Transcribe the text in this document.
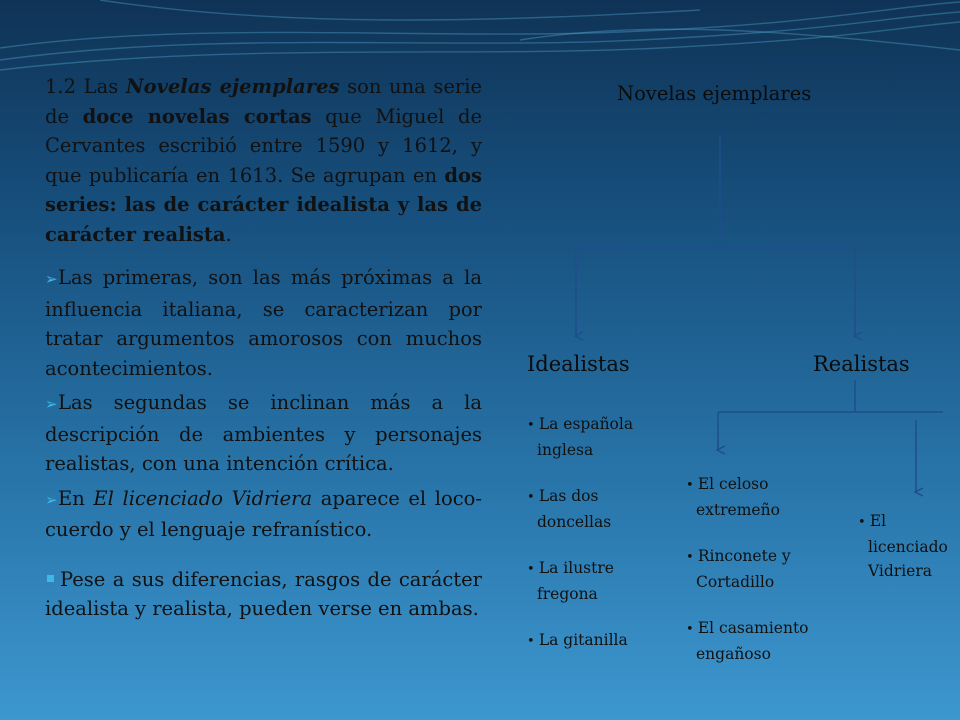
1.2 Las Novelas ejemplares son una serie de doce novelas cortas que Miguel de Cervantes escribió entre 1590 y 1612, y que publicaría en 1613. Se agrupan en dos series: las de carácter idealista y las de carácter realista.

➢Las primeras, son las más próximas a la influencia italiana, se caracterizan por tratar argumentos amorosos con muchos acontecimientos.

➢Las segundas se inclinan más a la descripción de ambientes y personajes realistas, con una intención crítica.

➢En El licenciado Vidriera aparece el loco-cuerdo y el lenguaje refranístico.

Pese a sus diferencias, rasgos de carácter idealista y realista, pueden verse en ambas.

Novelas ejemplares
Idealistas	Realistas
• La española inglesa
• Las dos doncellas
• La ilustre fregona
• La gitanilla
• El celoso extremeño
• Rinconete y Cortadillo
• El casamiento engañoso
• El licenciado Vidriera
